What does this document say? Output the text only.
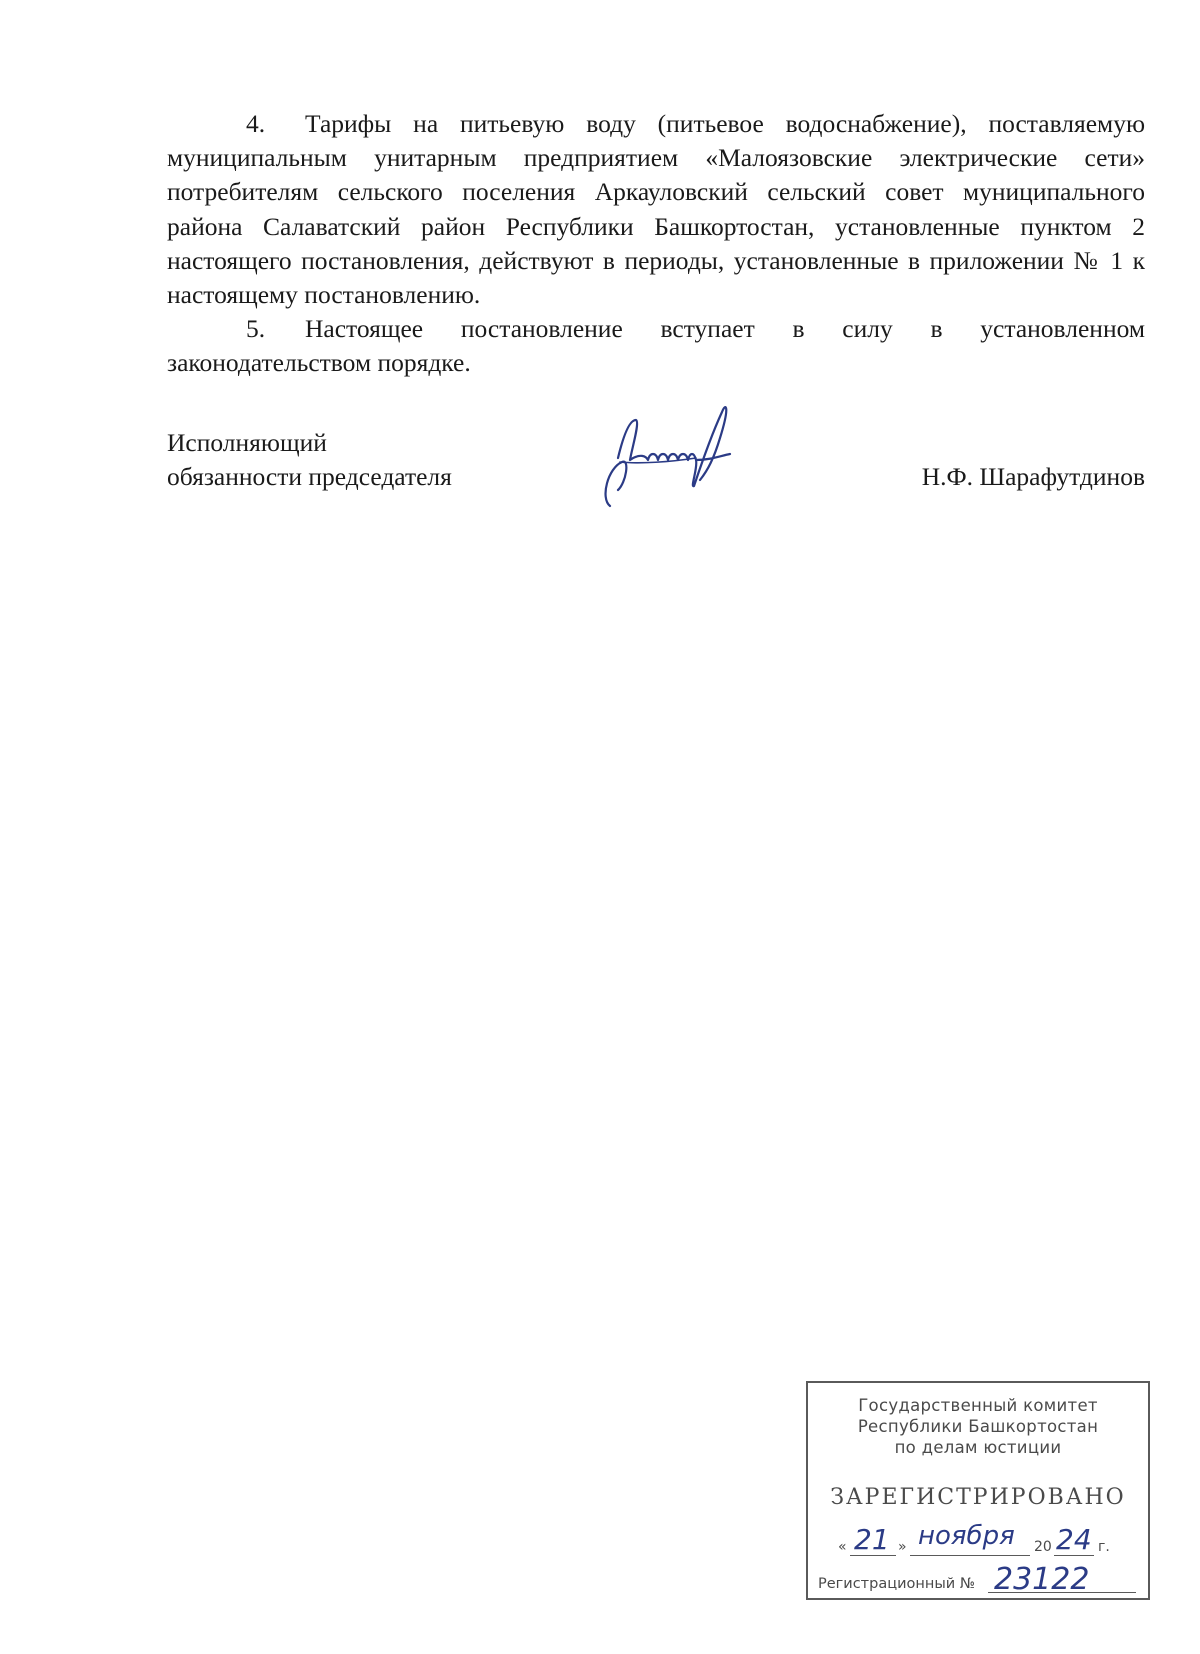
4. Тарифы на питьевую воду (питьевое водоснабжение), поставляемую муниципальным унитарным предприятием «Малоязовские электрические сети» потребителям сельского поселения Аркауловский сельский совет муниципального района Салаватский район Республики Башкортостан, установленные пунктом 2 настоящего постановления, действуют в периоды, установленные в приложении № 1 к настоящему постановлению.

5. Настоящее постановление вступает в силу в установленном законодательством порядке.

Исполняющий
обязанности председателя	Н.Ф. Шарафутдинов
Государственный комитет
Республики Башкортостан
по делам юстиции
ЗАРЕГИСТРИРОВАНО
« 21 » ноября 20 24 г.
Регистрационный № 23122
